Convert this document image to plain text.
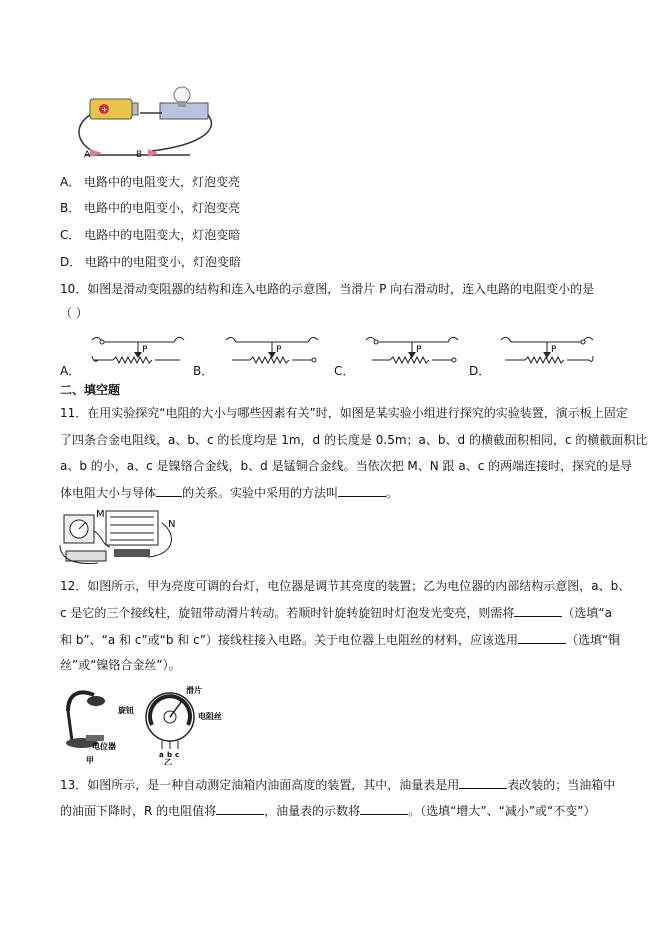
+
A	B
A． 电路中的电阻变大，灯泡变亮
B． 电路中的电阻变小，灯泡变亮
C． 电路中的电阻变大，灯泡变暗
D． 电路中的电阻变小，灯泡变暗
10．如图是滑动变阻器的结构和连入电路的示意图，当滑片 P 向右滑动时，连入电路的电阻变小的是
（ ）
A．	B．	C．	D．
P	P	P	P
二、填空题
11．在用实验探究“电阻的大小与哪些因素有关”时，如图是某实验小组进行探究的实验装置，演示板上固定
了四条合金电阻线，a、b、c 的长度均是 1m，d 的长度是 0.5m；a、b、d 的横截面积相同，c 的横截面积比
a、b 的小，a、c 是镍铬合金线，b、d 是锰铜合金线。当依次把 M、N 跟 a、c 的两端连接时，探究的是导
体电阻大小与导体 的关系。实验中采用的方法叫	。
M
N
12．如图所示，甲为亮度可调的台灯，电位器是调节其亮度的装置；乙为电位器的内部结构示意图，a、b、
c 是它的三个接线柱，旋钮带动滑片转动。若顺时针旋转旋钮时灯泡发光变亮，则需将	（选填“a
和 b”、“a 和 c”或“b 和 c”）接线柱接入电路。关于电位器上电阻丝的材料，应该选用	（选填“铜
丝”或“镍铬合金丝”）。
电位器
甲
旋钮
滑片
电阻丝
a b c
乙
13．如图所示，是一种自动测定油箱内油面高度的装置，其中，油量表是用	表改装的；当油箱中
的油面下降时，R 的电阻值将	，油量表的示数将	。（选填“增大”、“减小”或“不变”）
